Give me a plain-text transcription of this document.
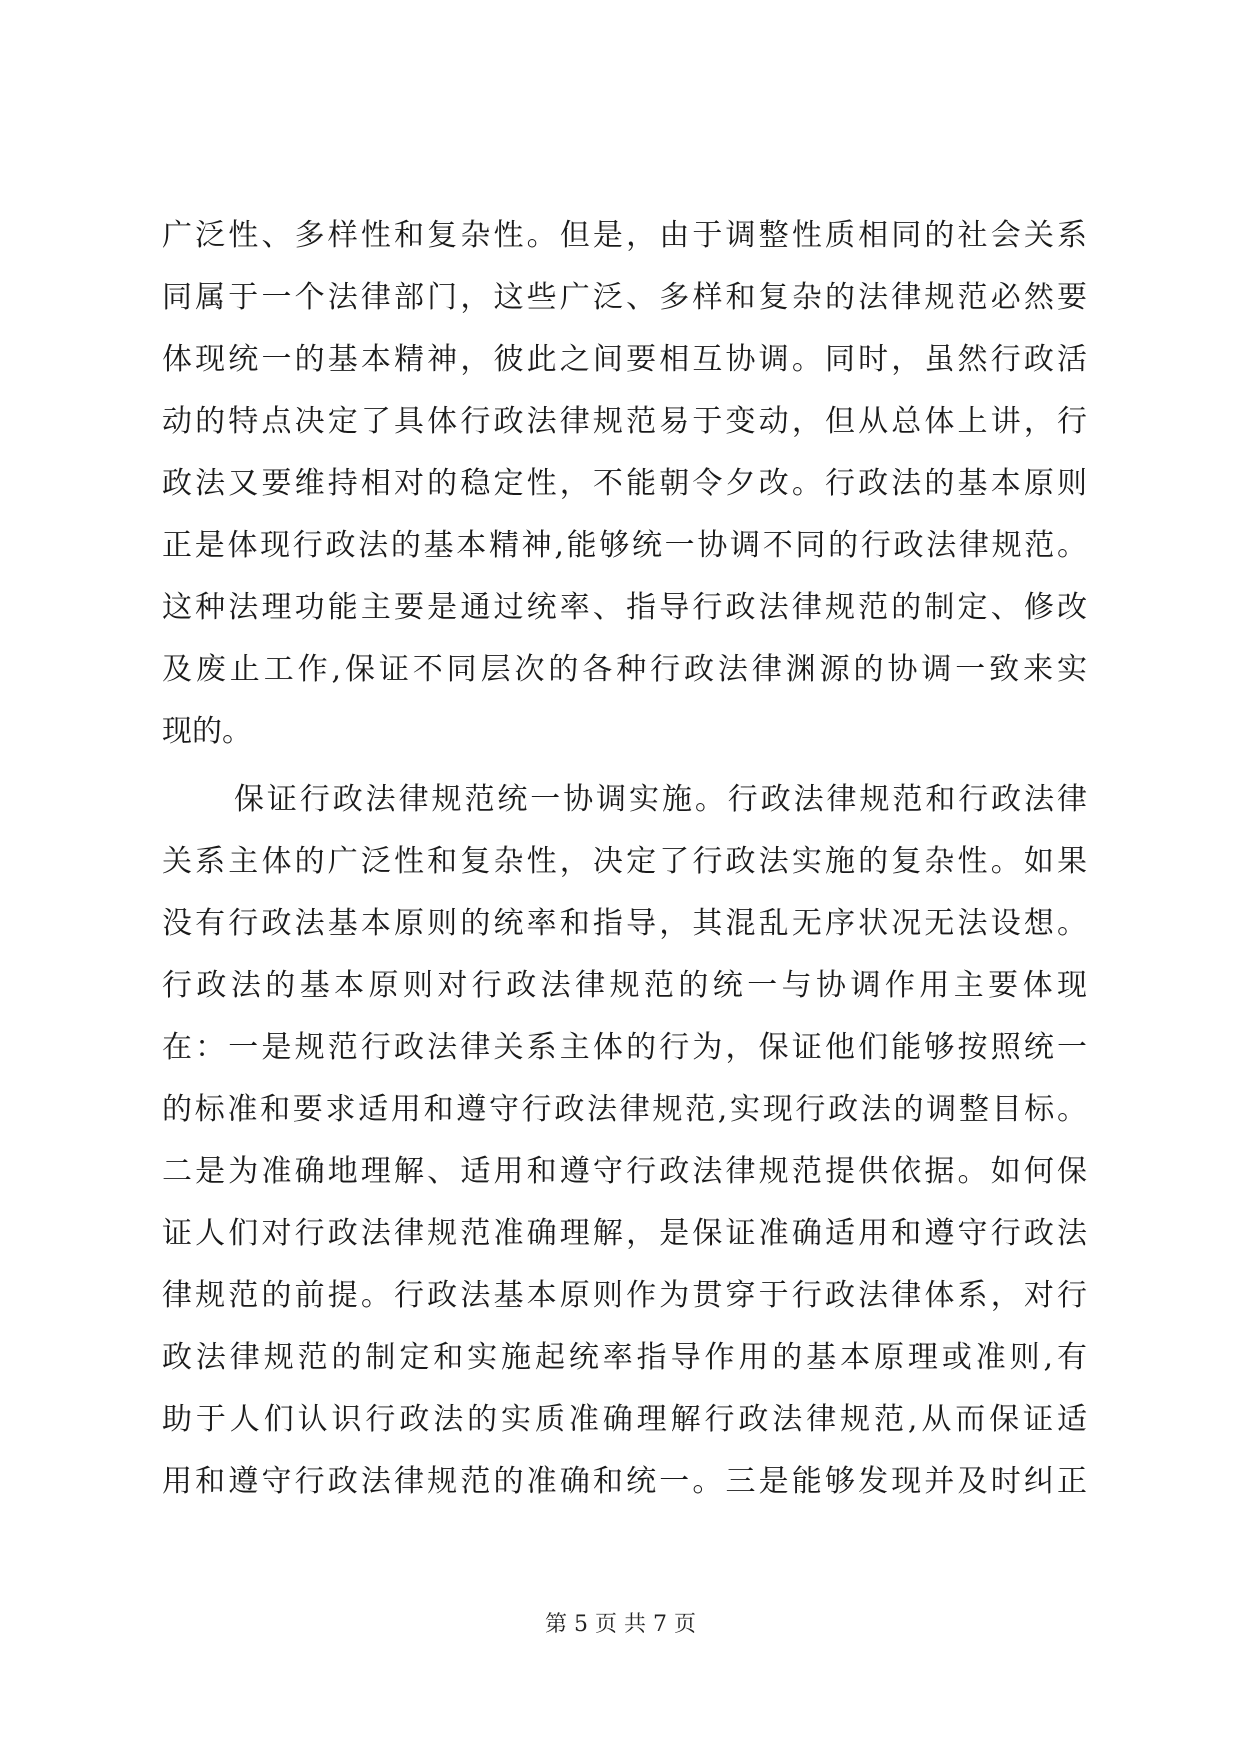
广泛性、多样性和复杂性。但是，由于调整性质相同的社会关系
同属于一个法律部门，这些广泛、多样和复杂的法律规范必然要
体现统一的基本精神，彼此之间要相互协调。同时，虽然行政活
动的特点决定了具体行政法律规范易于变动，但从总体上讲，行
政法又要维持相对的稳定性，不能朝令夕改。行政法的基本原则
正是体现行政法的基本精神,能够统一协调不同的行政法律规范。
这种法理功能主要是通过统率、指导行政法律规范的制定、修改
及废止工作,保证不同层次的各种行政法律渊源的协调一致来实
现的。
保证行政法律规范统一协调实施。行政法律规范和行政法律
关系主体的广泛性和复杂性，决定了行政法实施的复杂性。如果
没有行政法基本原则的统率和指导，其混乱无序状况无法设想。
行政法的基本原则对行政法律规范的统一与协调作用主要体现
在：一是规范行政法律关系主体的行为，保证他们能够按照统一
的标准和要求适用和遵守行政法律规范,实现行政法的调整目标。
二是为准确地理解、适用和遵守行政法律规范提供依据。如何保
证人们对行政法律规范准确理解，是保证准确适用和遵守行政法
律规范的前提。行政法基本原则作为贯穿于行政法律体系，对行
政法律规范的制定和实施起统率指导作用的基本原理或准则,有
助于人们认识行政法的实质准确理解行政法律规范,从而保证适
用和遵守行政法律规范的准确和统一。三是能够发现并及时纠正
第 5 页 共 7 页
